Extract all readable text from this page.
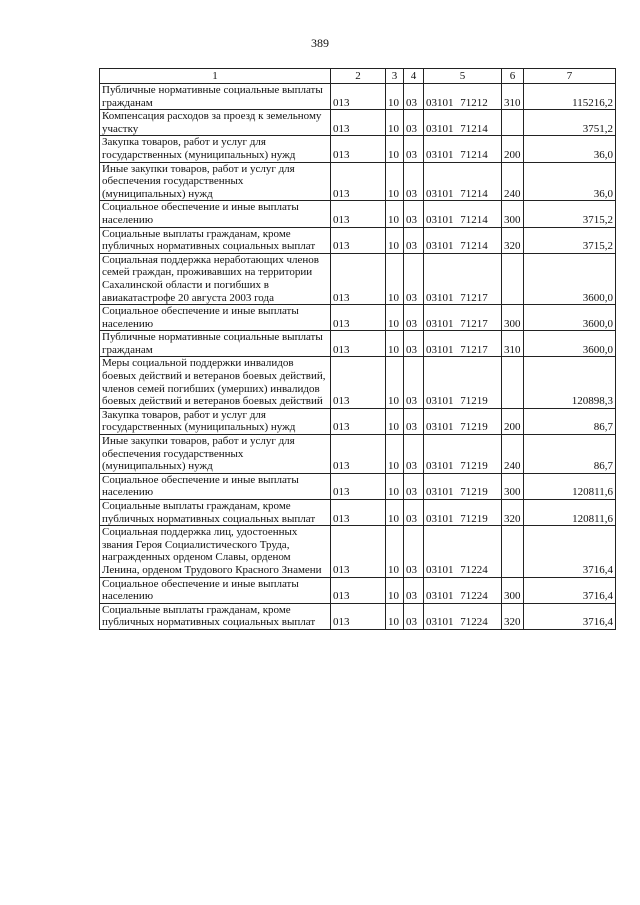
389
1	2	3	4	5	6	7
Публичные нормативные социальные выплаты гражданам	013	10	03	03101 71212	310	115216,2
Компенсация расходов за проезд к земельному участку	013	10	03	03101 71214		3751,2
Закупка товаров, работ и услуг для государственных (муниципальных) нужд	013	10	03	03101 71214	200	36,0
Иные закупки товаров, работ и услуг для обеспечения государственных (муниципальных) нужд	013	10	03	03101 71214	240	36,0
Социальное обеспечение и иные выплаты населению	013	10	03	03101 71214	300	3715,2
Социальные выплаты гражданам, кроме публичных нормативных социальных выплат	013	10	03	03101 71214	320	3715,2
Социальная поддержка неработающих членов семей граждан, проживавших на территории Сахалинской области и погибших в авиакатастрофе 20 августа 2003 года	013	10	03	03101 71217		3600,0
Социальное обеспечение и иные выплаты населению	013	10	03	03101 71217	300	3600,0
Публичные нормативные социальные выплаты гражданам	013	10	03	03101 71217	310	3600,0
Меры социальной поддержки инвалидов боевых действий и ветеранов боевых действий, членов семей погибших (умерших) инвалидов боевых действий и ветеранов боевых действий	013	10	03	03101 71219		120898,3
Закупка товаров, работ и услуг для государственных (муниципальных) нужд	013	10	03	03101 71219	200	86,7
Иные закупки товаров, работ и услуг для обеспечения государственных (муниципальных) нужд	013	10	03	03101 71219	240	86,7
Социальное обеспечение и иные выплаты населению	013	10	03	03101 71219	300	120811,6
Социальные выплаты гражданам, кроме публичных нормативных социальных выплат	013	10	03	03101 71219	320	120811,6
Социальная поддержка лиц, удостоенных звания Героя Социалистического Труда, награжденных орденом Славы, орденом Ленина, орденом Трудового Красного Знамени	013	10	03	03101 71224		3716,4
Социальное обеспечение и иные выплаты населению	013	10	03	03101 71224	300	3716,4
Социальные выплаты гражданам, кроме публичных нормативных социальных выплат	013	10	03	03101 71224	320	3716,4
